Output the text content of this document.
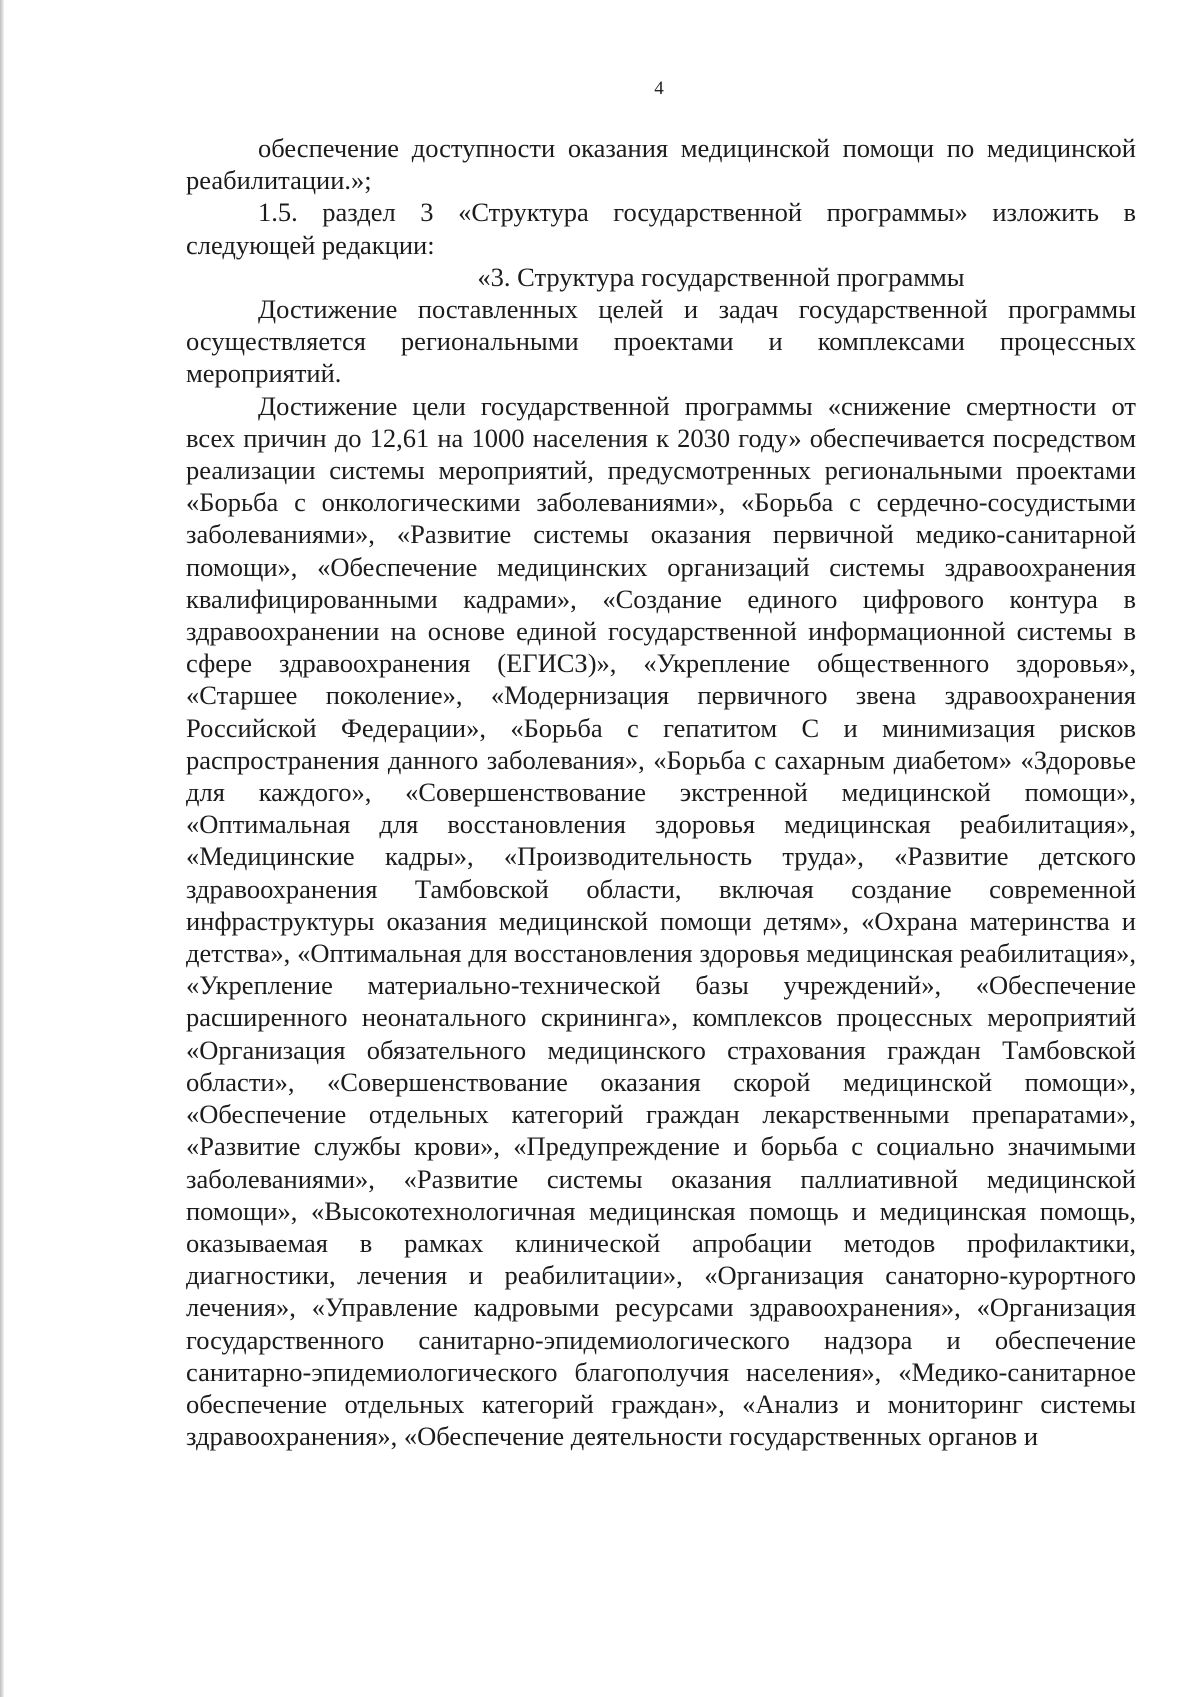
4

обеспечение доступности оказания медицинской помощи по медицинской реабилитации.»;

1.5. раздел 3 «Структура государственной программы» изложить в следующей редакции:

«3. Структура государственной программы

Достижение поставленных целей и задач государственной программы осуществляется региональными проектами и комплексами процессных мероприятий.

Достижение цели государственной программы «снижение смертности от всех причин до 12,61 на 1000 населения к 2030 году» обеспечивается посредством реализации системы мероприятий, предусмотренных региональными проектами «Борьба с онкологическими заболеваниями», «Борьба с сердечно-сосудистыми заболеваниями», «Развитие системы оказания первичной медико-санитарной помощи», «Обеспечение медицинских организаций системы здравоохранения квалифицированными кадрами», «Создание единого цифрового контура в здравоохранении на основе единой государственной информационной системы в сфере здравоохранения (ЕГИСЗ)», «Укрепление общественного здоровья», «Старшее поколение», «Модернизация первичного звена здравоохранения Российской Федерации», «Борьба с гепатитом С и минимизация рисков распространения данного заболевания», «Борьба с сахарным диабетом» «Здоровье для каждого», «Совершенствование экстренной медицинской помощи», «Оптимальная для восстановления здоровья медицинская реабилитация», «Медицинские кадры», «Производительность труда», «Развитие детского здравоохранения Тамбовской области, включая создание современной инфраструктуры оказания медицинской помощи детям», «Охрана материнства и детства», «Оптимальная для восстановления здоровья медицинская реабилитация», «Укрепление материально-технической базы учреждений», «Обеспечение расширенного неонатального скрининга», комплексов процессных мероприятий «Организация обязательного медицинского страхования граждан Тамбовской области», «Совершенствование оказания скорой медицинской помощи», «Обеспечение отдельных категорий граждан лекарственными препаратами», «Развитие службы крови», «Предупреждение и борьба с социально значимыми заболеваниями», «Развитие системы оказания паллиативной медицинской помощи», «Высокотехнологичная медицинская помощь и медицинская помощь, оказываемая в рамках клинической апробации методов профилактики, диагностики, лечения и реабилитации», «Организация санаторно-курортного лечения», «Управление кадровыми ресурсами здравоохранения», «Организация государственного санитарно-эпидемиологического надзора и обеспечение санитарно-эпидемиологического благополучия населения», «Медико-санитарное обеспечение отдельных категорий граждан», «Анализ и мониторинг системы здравоохранения», «Обеспечение деятельности государственных органов и
